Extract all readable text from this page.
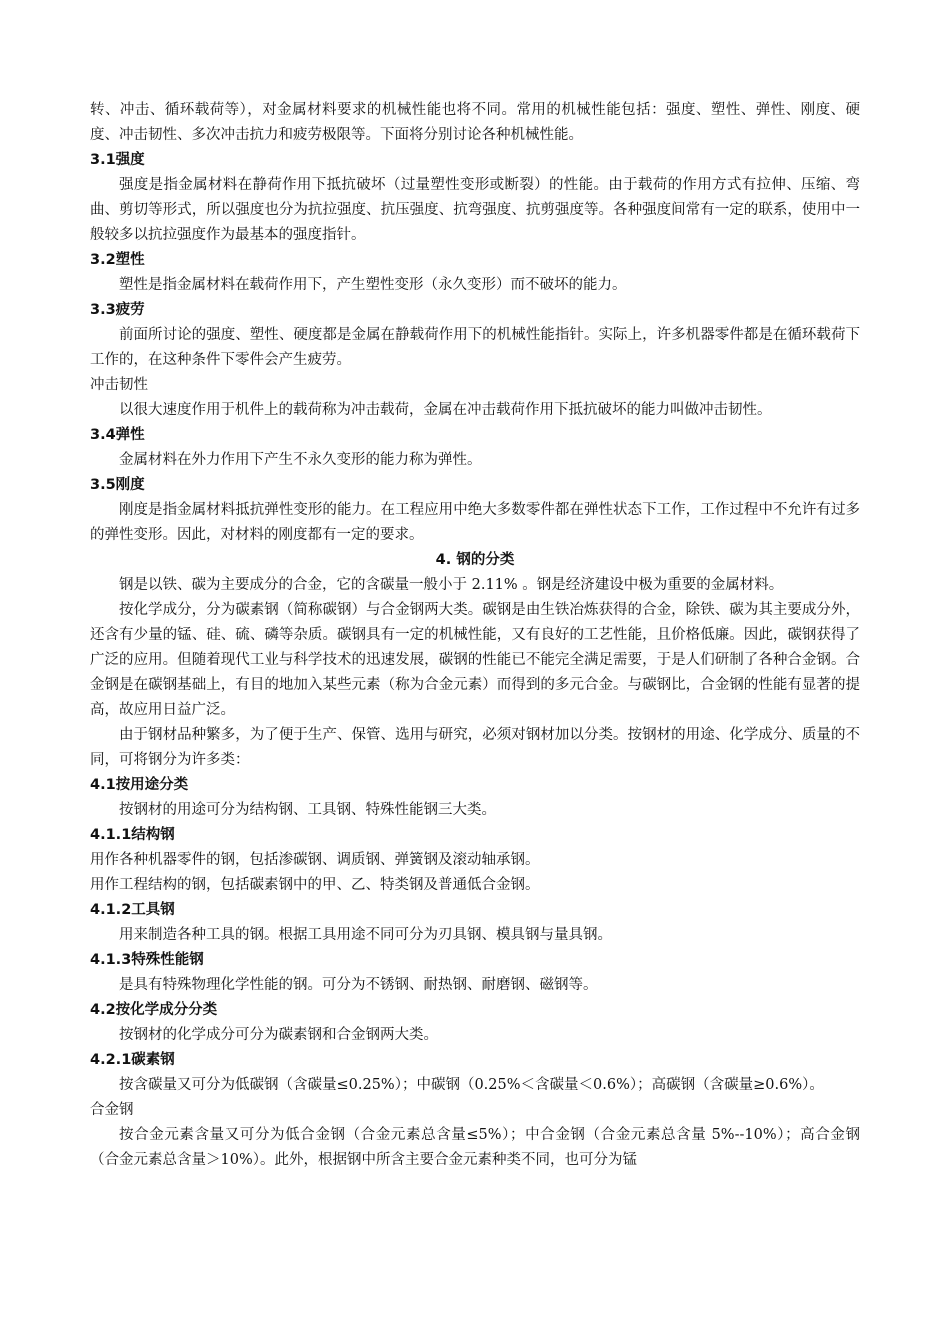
转、冲击、循环载荷等），对金属材料要求的机械性能也将不同。常用的机械性能包括：强度、塑性、弹性、刚度、硬度、冲击韧性、多次冲击抗力和疲劳极限等。下面将分别讨论各种机械性能。

3.1强度

强度是指金属材料在静荷作用下抵抗破坏（过量塑性变形或断裂）的性能。由于载荷的作用方式有拉伸、压缩、弯曲、剪切等形式，所以强度也分为抗拉强度、抗压强度、抗弯强度、抗剪强度等。各种强度间常有一定的联系，使用中一般较多以抗拉强度作为最基本的强度指针。

3.2塑性

塑性是指金属材料在载荷作用下，产生塑性变形（永久变形）而不破坏的能力。

3.3疲劳

前面所讨论的强度、塑性、硬度都是金属在静载荷作用下的机械性能指针。实际上，许多机器零件都是在循环载荷下工作的，在这种条件下零件会产生疲劳。

冲击韧性

以很大速度作用于机件上的载荷称为冲击载荷，金属在冲击载荷作用下抵抗破坏的能力叫做冲击韧性。

3.4弹性

金属材料在外力作用下产生不永久变形的能力称为弹性。

3.5刚度

刚度是指金属材料抵抗弹性变形的能力。在工程应用中绝大多数零件都在弹性状态下工作，工作过程中不允许有过多的弹性变形。因此，对材料的刚度都有一定的要求。

4. 钢的分类

钢是以铁、碳为主要成分的合金，它的含碳量一般小于 2.11% 。钢是经济建设中极为重要的金属材料。

按化学成分，分为碳素钢（简称碳钢）与合金钢两大类。碳钢是由生铁冶炼获得的合金，除铁、碳为其主要成分外，还含有少量的锰、硅、硫、磷等杂质。碳钢具有一定的机械性能，又有良好的工艺性能，且价格低廉。因此，碳钢获得了广泛的应用。但随着现代工业与科学技术的迅速发展，碳钢的性能已不能完全满足需要，于是人们研制了各种合金钢。合金钢是在碳钢基础上，有目的地加入某些元素（称为合金元素）而得到的多元合金。与碳钢比，合金钢的性能有显著的提高，故应用日益广泛。

由于钢材品种繁多，为了便于生产、保管、选用与研究，必须对钢材加以分类。按钢材的用途、化学成分、质量的不同，可将钢分为许多类：

4.1按用途分类

按钢材的用途可分为结构钢、工具钢、特殊性能钢三大类。

4.1.1结构钢

用作各种机器零件的钢，包括渗碳钢、调质钢、弹簧钢及滚动轴承钢。

用作工程结构的钢，包括碳素钢中的甲、乙、特类钢及普通低合金钢。

4.1.2工具钢

用来制造各种工具的钢。根据工具用途不同可分为刃具钢、模具钢与量具钢。

4.1.3特殊性能钢

是具有特殊物理化学性能的钢。可分为不锈钢、耐热钢、耐磨钢、磁钢等。

4.2按化学成分分类

按钢材的化学成分可分为碳素钢和合金钢两大类。

4.2.1碳素钢

按含碳量又可分为低碳钢（含碳量≤0.25%）；中碳钢（0.25%＜含碳量＜0.6%）；高碳钢（含碳量≥0.6%）。

合金钢

按合金元素含量又可分为低合金钢（合金元素总含量≤5%）；中合金钢（合金元素总含量 5%--10%）；高合金钢（合金元素总含量＞10%）。此外，根据钢中所含主要合金元素种类不同，也可分为锰
